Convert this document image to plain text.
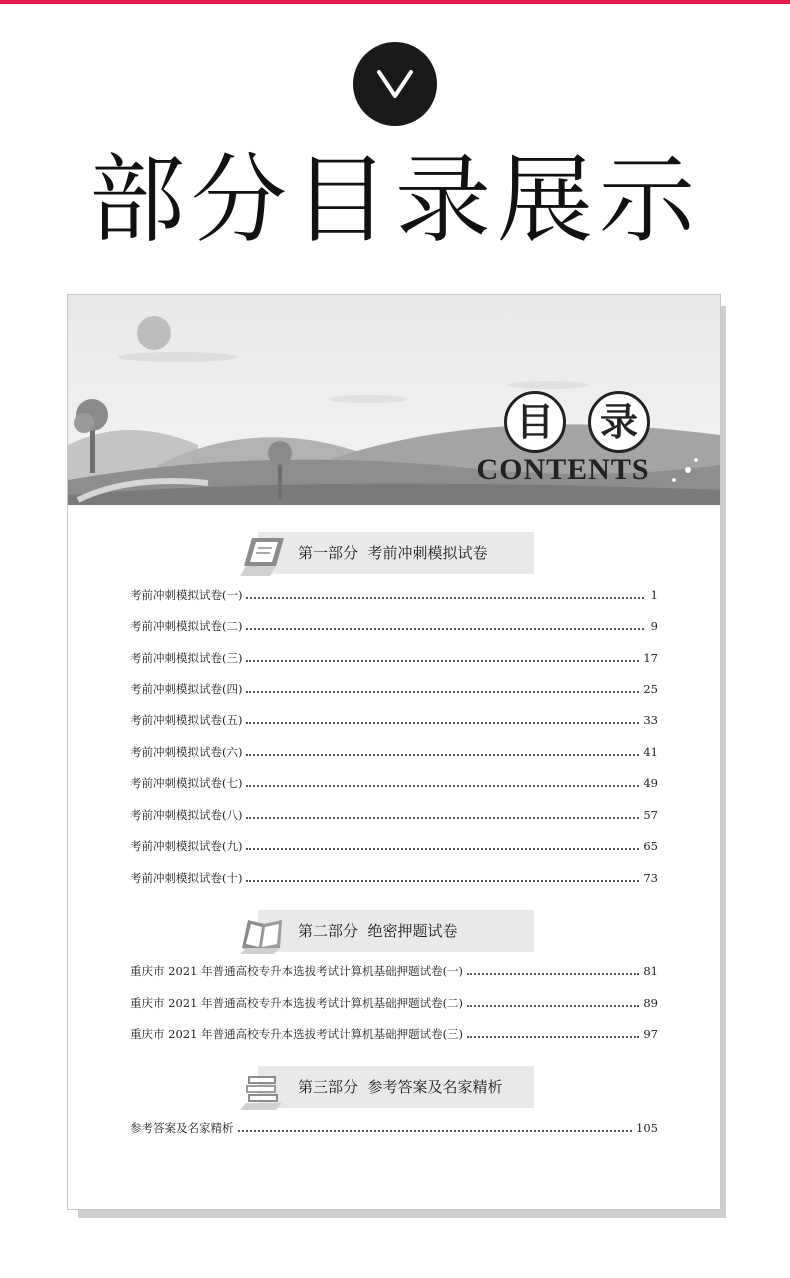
部分目录展示
目	录
CONTENTS
第一部分  考前冲刺模拟试卷
考前冲刺模拟试卷(一)	1
考前冲刺模拟试卷(二)	9
考前冲刺模拟试卷(三)	17
考前冲刺模拟试卷(四)	25
考前冲刺模拟试卷(五)	33
考前冲刺模拟试卷(六)	41
考前冲刺模拟试卷(七)	49
考前冲刺模拟试卷(八)	57
考前冲刺模拟试卷(九)	65
考前冲刺模拟试卷(十)	73
第二部分  绝密押题试卷
重庆市 2021 年普通高校专升本选拔考试计算机基础押题试卷(一)	81
重庆市 2021 年普通高校专升本选拔考试计算机基础押题试卷(二)	89
重庆市 2021 年普通高校专升本选拔考试计算机基础押题试卷(三)	97
第三部分  参考答案及名家精析
参考答案及名家精析	105
